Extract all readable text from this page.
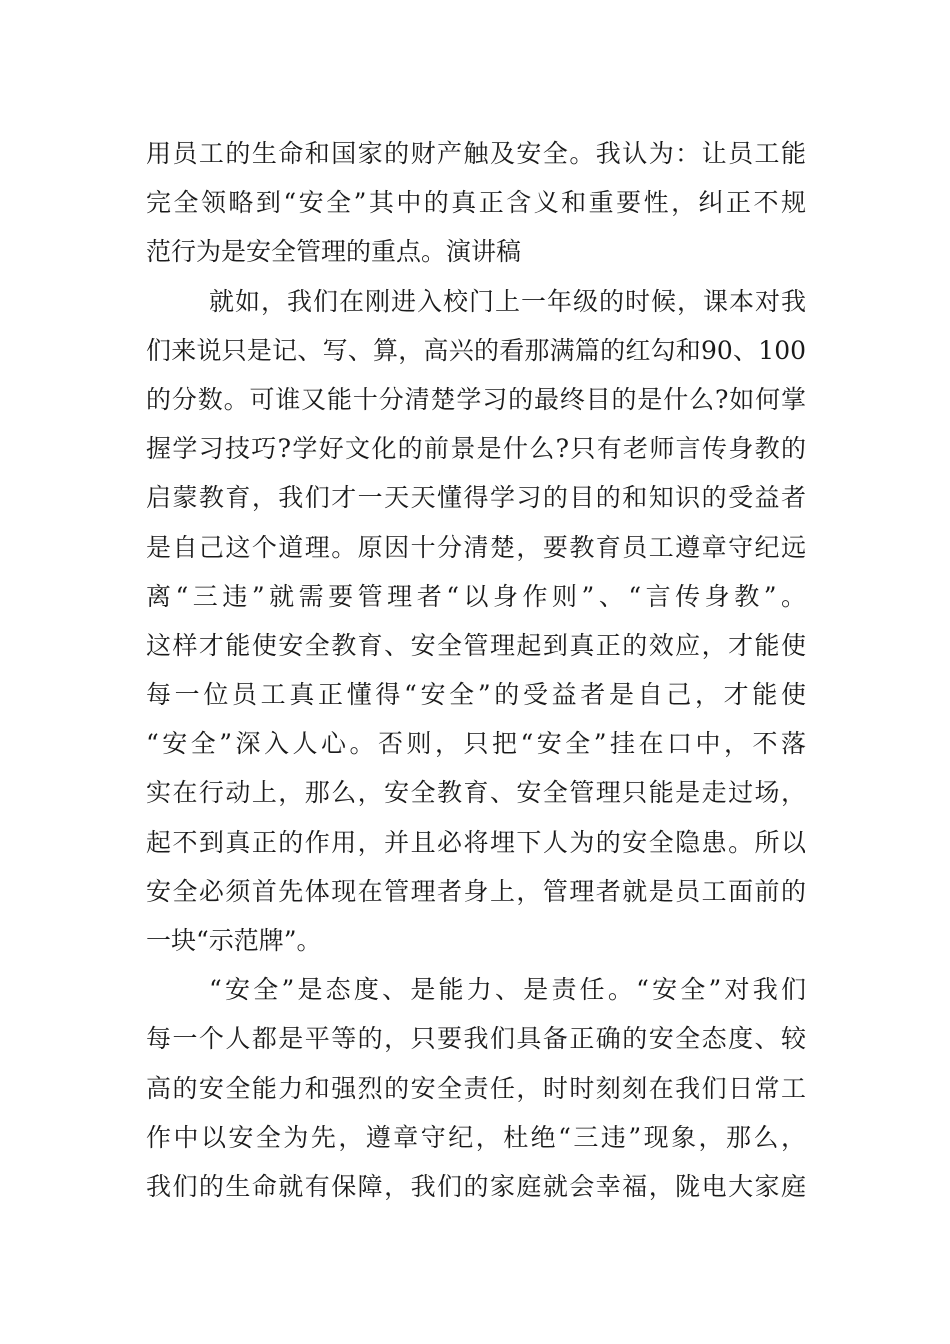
用员工的生命和国家的财产触及安全。我认为：让员工能
完全领略到“安全”其中的真正含义和重要性，纠正不规
范行为是安全管理的重点。演讲稿
就如，我们在刚进入校门上一年级的时候，课本对我
们来说只是记、写、算，高兴的看那满篇的红勾和90、100
的分数。可谁又能十分清楚学习的最终目的是什么?如何掌
握学习技巧?学好文化的前景是什么?只有老师言传身教的
启蒙教育，我们才一天天懂得学习的目的和知识的受益者
是自己这个道理。原因十分清楚，要教育员工遵章守纪远
离“三违”就需要管理者“以身作则”、“言传身教”。
这样才能使安全教育、安全管理起到真正的效应，才能使
每一位员工真正懂得“安全”的受益者是自己，才能使
“安全”深入人心。否则，只把“安全”挂在口中，不落
实在行动上，那么，安全教育、安全管理只能是走过场，
起不到真正的作用，并且必将埋下人为的安全隐患。所以
安全必须首先体现在管理者身上，管理者就是员工面前的
一块“示范牌”。
“安全”是态度、是能力、是责任。“安全”对我们
每一个人都是平等的，只要我们具备正确的安全态度、较
高的安全能力和强烈的安全责任，时时刻刻在我们日常工
作中以安全为先，遵章守纪，杜绝“三违”现象，那么，
我们的生命就有保障，我们的家庭就会幸福，陇电大家庭
